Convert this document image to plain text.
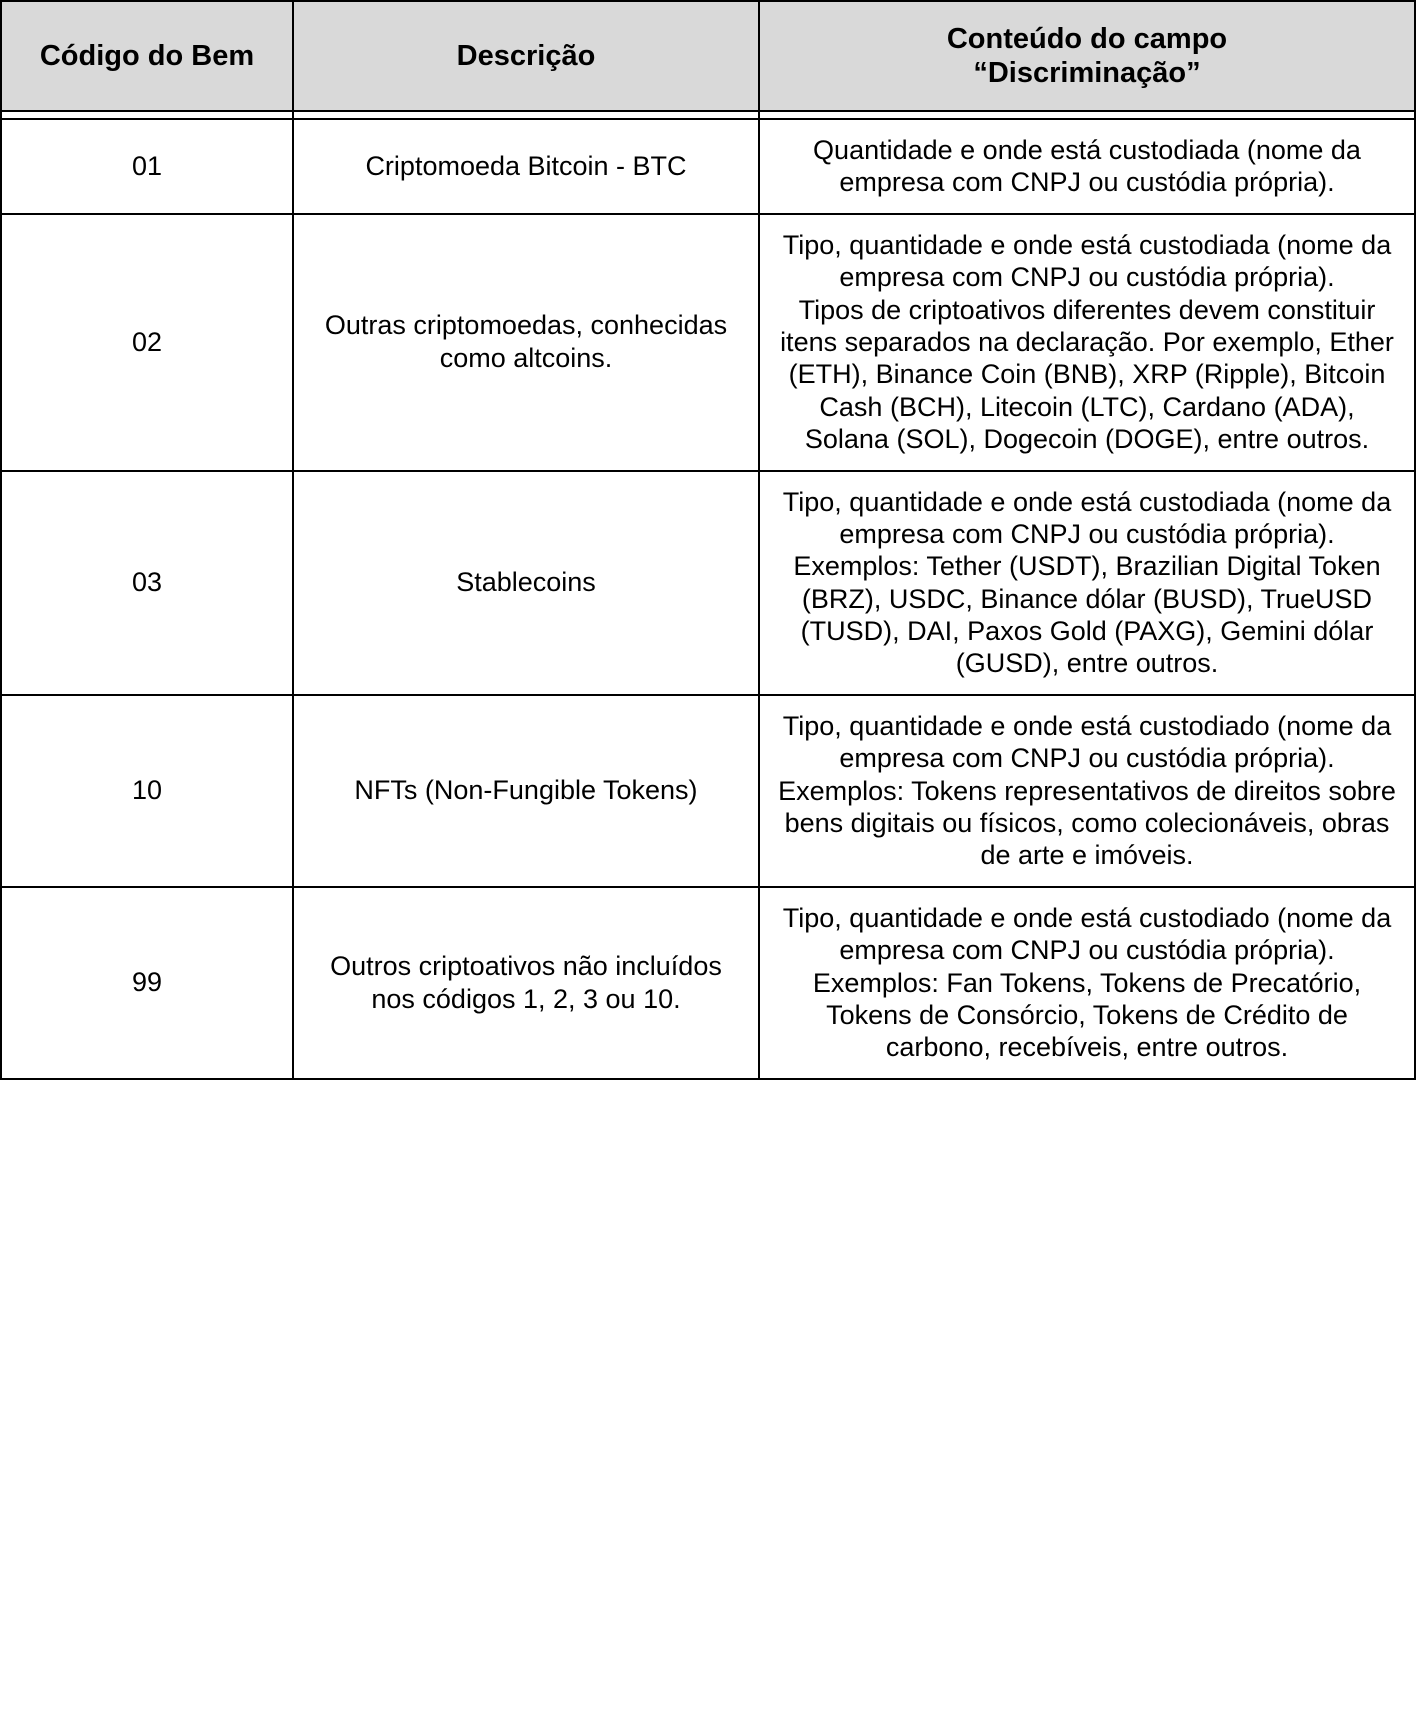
Código do Bem	Descrição	Conteúdo do campo
“Discriminação”

01	Criptomoeda Bitcoin - BTC	Quantidade e onde está custodiada (nome da empresa com CNPJ ou custódia própria).

02	Outras criptomoedas, conhecidas como altcoins.	Tipo, quantidade e onde está custodiada (nome da empresa com CNPJ ou custódia própria).

Tipos de criptoativos diferentes devem constituir itens separados na declaração. Por exemplo, Ether (ETH), Binance Coin (BNB), XRP (Ripple), Bitcoin Cash (BCH), Litecoin (LTC), Cardano (ADA), Solana (SOL), Dogecoin (DOGE), entre outros.

03	Stablecoins	Tipo, quantidade e onde está custodiada (nome da empresa com CNPJ ou custódia própria).

Exemplos: Tether (USDT), Brazilian Digital Token (BRZ), USDC, Binance dólar (BUSD), TrueUSD (TUSD), DAI, Paxos Gold (PAXG), Gemini dólar (GUSD), entre outros.

10	NFTs (Non-Fungible Tokens)	Tipo, quantidade e onde está custodiado (nome da empresa com CNPJ ou custódia própria).

Exemplos: Tokens representativos de direitos sobre bens digitais ou físicos, como colecionáveis, obras de arte e imóveis.

99	Outros criptoativos não incluídos nos códigos 1, 2, 3 ou 10.	Tipo, quantidade e onde está custodiado (nome da empresa com CNPJ ou custódia própria).

Exemplos: Fan Tokens, Tokens de Precatório, Tokens de Consórcio, Tokens de Crédito de carbono, recebíveis, entre outros.
